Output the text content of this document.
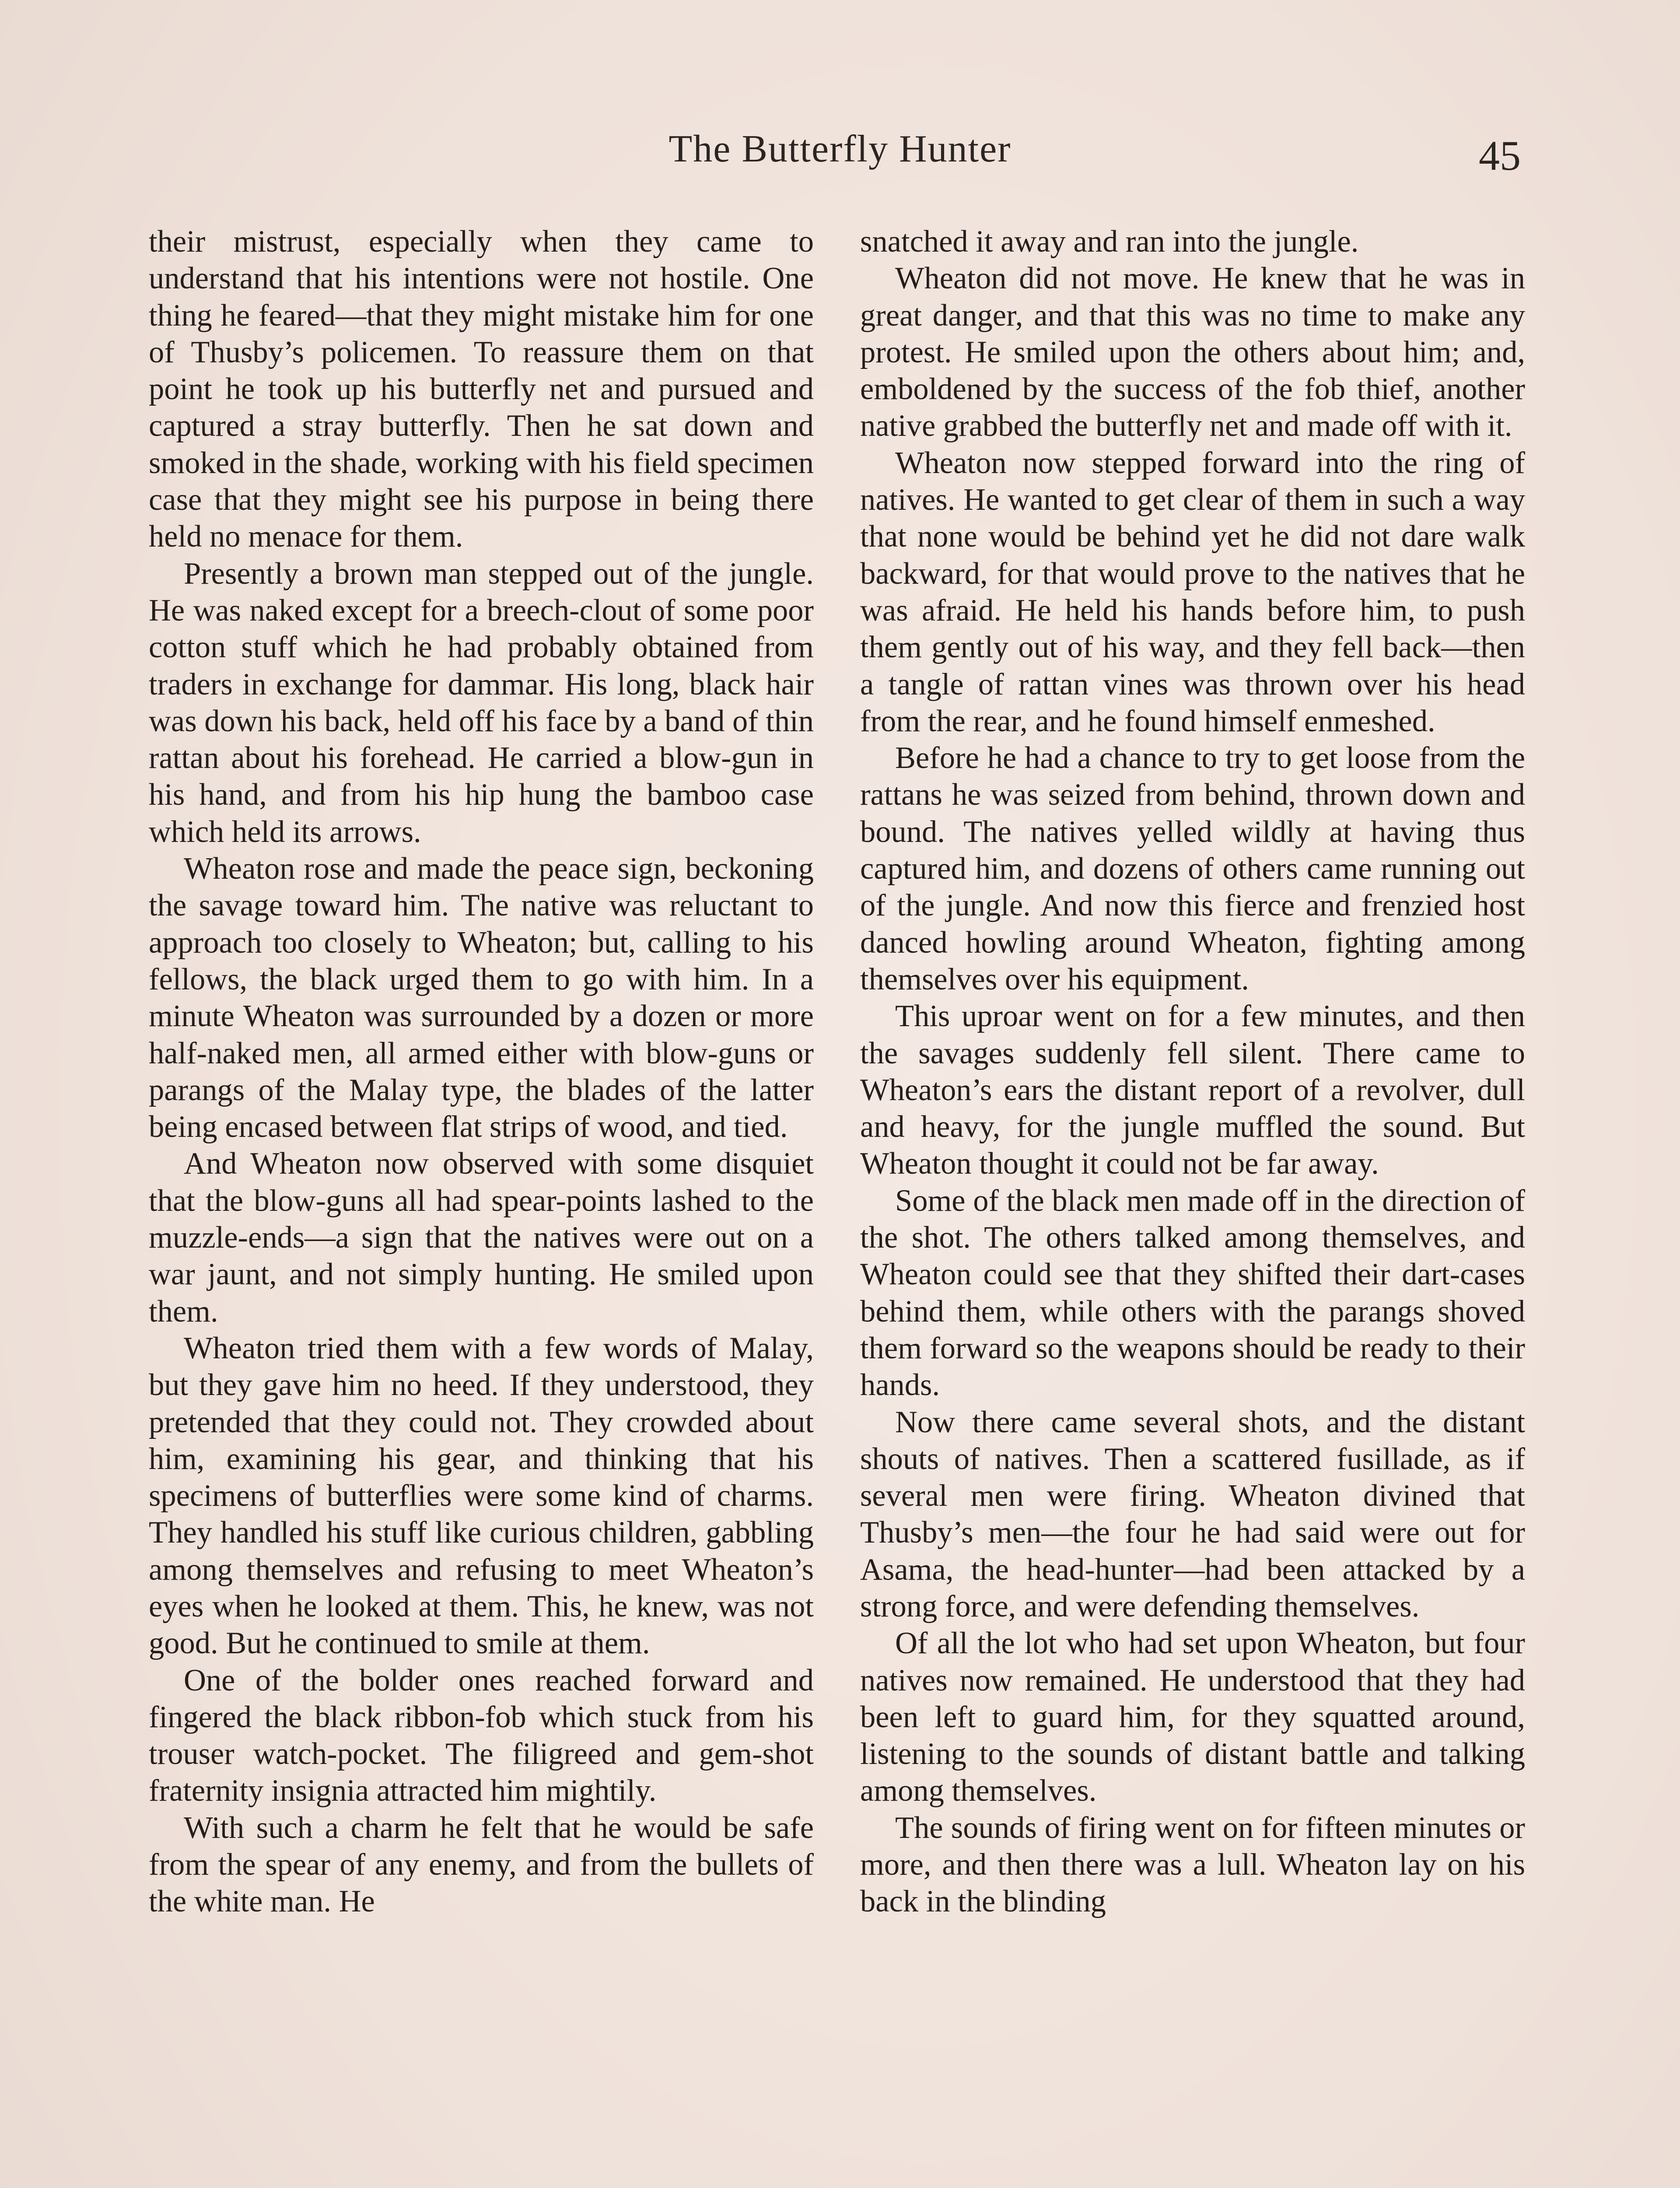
The Butterfly Hunter	45

their mistrust, especially when they came to understand that his intentions were not hostile. One thing he feared—that they might mistake him for one of Thusby’s policemen. To reassure them on that point he took up his butterfly net and pursued and captured a stray butterfly. Then he sat down and smoked in the shade, working with his field specimen case that they might see his purpose in being there held no menace for them.

Presently a brown man stepped out of the jungle. He was naked except for a breech-clout of some poor cotton stuff which he had probably obtained from traders in exchange for dammar. His long, black hair was down his back, held off his face by a band of thin rattan about his forehead. He carried a blow-gun in his hand, and from his hip hung the bamboo case which held its arrows.

Wheaton rose and made the peace sign, beckoning the savage toward him. The native was reluctant to approach too closely to Wheaton; but, calling to his fellows, the black urged them to go with him. In a minute Wheaton was surrounded by a dozen or more half-naked men, all armed either with blow-guns or parangs of the Malay type, the blades of the latter being encased between flat strips of wood, and tied.

And Wheaton now observed with some disquiet that the blow-guns all had spear-points lashed to the muzzle-ends—a sign that the natives were out on a war jaunt, and not simply hunting. He smiled upon them.

Wheaton tried them with a few words of Malay, but they gave him no heed. If they understood, they pretended that they could not. They crowded about him, examining his gear, and thinking that his specimens of butterflies were some kind of charms. They handled his stuff like curious children, gabbling among themselves and refusing to meet Wheaton’s eyes when he looked at them. This, he knew, was not good. But he continued to smile at them.

One of the bolder ones reached forward and fingered the black ribbon-fob which stuck from his trouser watch-pocket. The filigreed and gem-shot fraternity insignia attracted him mightily.

With such a charm he felt that he would be safe from the spear of any enemy, and from the bullets of the white man. He

snatched it away and ran into the jungle.

Wheaton did not move. He knew that he was in great danger, and that this was no time to make any protest. He smiled upon the others about him; and, emboldened by the success of the fob thief, another native grabbed the butterfly net and made off with it.

Wheaton now stepped forward into the ring of natives. He wanted to get clear of them in such a way that none would be behind yet he did not dare walk backward, for that would prove to the natives that he was afraid. He held his hands before him, to push them gently out of his way, and they fell back—then a tangle of rattan vines was thrown over his head from the rear, and he found himself enmeshed.

Before he had a chance to try to get loose from the rattans he was seized from behind, thrown down and bound. The natives yelled wildly at having thus captured him, and dozens of others came running out of the jungle. And now this fierce and frenzied host danced howling around Wheaton, fighting among themselves over his equipment.

This uproar went on for a few minutes, and then the savages suddenly fell silent. There came to Wheaton’s ears the distant report of a revolver, dull and heavy, for the jungle muffled the sound. But Wheaton thought it could not be far away.

Some of the black men made off in the direction of the shot. The others talked among themselves, and Wheaton could see that they shifted their dart-cases behind them, while others with the parangs shoved them forward so the weapons should be ready to their hands.

Now there came several shots, and the distant shouts of natives. Then a scattered fusillade, as if several men were firing. Wheaton divined that Thusby’s men—the four he had said were out for Asama, the head-hunter—had been attacked by a strong force, and were defending themselves.

Of all the lot who had set upon Wheaton, but four natives now remained. He understood that they had been left to guard him, for they squatted around, listening to the sounds of distant battle and talking among themselves.

The sounds of firing went on for fifteen minutes or more, and then there was a lull. Wheaton lay on his back in the blinding
